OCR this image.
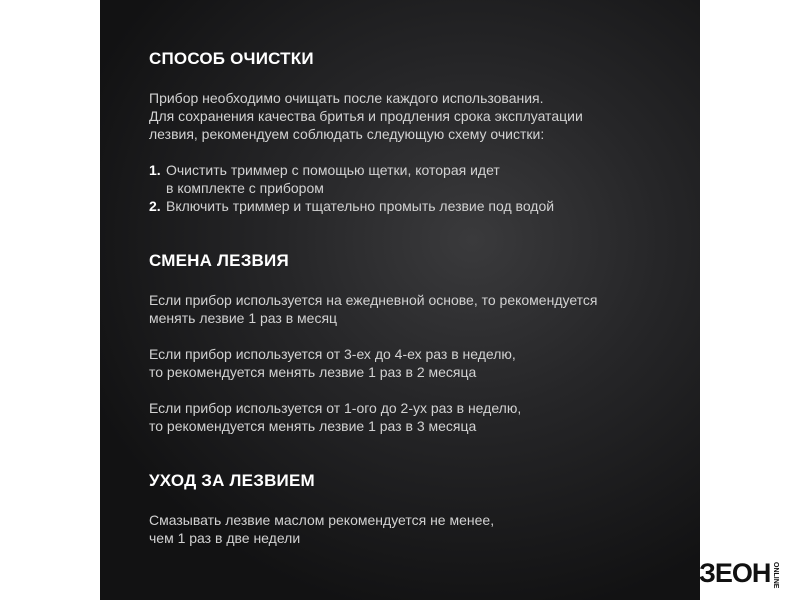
СПОСОБ ОЧИСТКИ

Прибор необходимо очищать после каждого использования.
Для сохранения качества бритья и продления срока эксплуатации
лезвия, рекомендуем соблюдать следующую схему очистки:

1. Очистить триммер с помощью щетки, которая идет
в комплекте с прибором
2. Включить триммер и тщательно промыть лезвие под водой
СМЕНА ЛЕЗВИЯ

Если прибор используется на ежедневной основе, то рекомендуется
менять лезвие 1 раз в месяц

Если прибор используется от 3-ех до 4-ех раз в неделю,
то рекомендуется менять лезвие 1 раз в 2 месяца

Если прибор используется от 1-ого до 2-ух раз в неделю,
то рекомендуется менять лезвие 1 раз в 3 месяца

УХОД ЗА ЛЕЗВИЕМ

Смазывать лезвие маслом рекомендуется не менее,
чем 1 раз в две недели

ЗЕОН ONLINE
